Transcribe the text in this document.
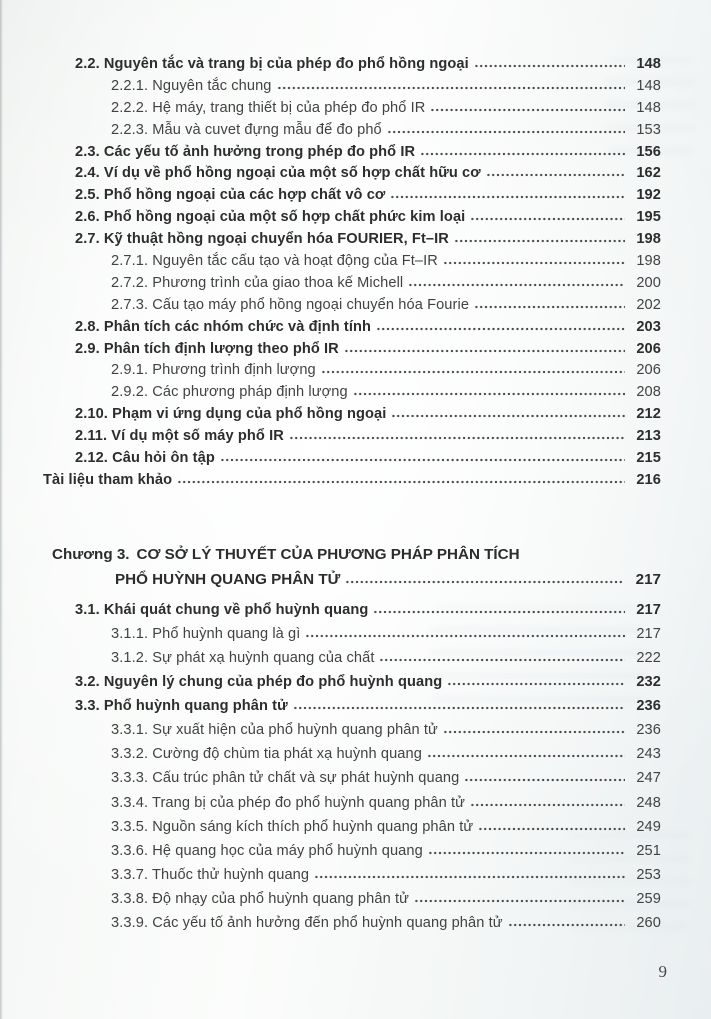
2.2. Nguyên tắc và trang bị của phép đo phổ hồng ngoại	148
2.2.1. Nguyên tắc chung	148
2.2.2. Hệ máy, trang thiết bị của phép đo phổ IR	148
2.2.3. Mẫu và cuvet đựng mẫu để đo phổ	153
2.3. Các yếu tố ảnh hưởng trong phép đo phổ IR	156
2.4. Ví dụ về phổ hồng ngoại của một số hợp chất hữu cơ	162
2.5. Phổ hồng ngoại của các hợp chất vô cơ	192
2.6. Phổ hồng ngoại của một số hợp chất phức kim loại	195
2.7. Kỹ thuật hồng ngoại chuyển hóa FOURIER, Ft–IR	198
2.7.1. Nguyên tắc cấu tạo và hoạt động của Ft–IR	198
2.7.2. Phương trình của giao thoa kế Michell	200
2.7.3. Cấu tạo máy phổ hồng ngoại chuyển hóa Fourie	202
2.8. Phân tích các nhóm chức và định tính	203
2.9. Phân tích định lượng theo phổ IR	206
2.9.1. Phương trình định lượng	206
2.9.2. Các phương pháp định lượng	208
2.10. Phạm vi ứng dụng của phổ hồng ngoại	212
2.11. Ví dụ một số máy phổ IR	213
2.12. Câu hỏi ôn tập	215
Tài liệu tham khảo	216
Chương 3. CƠ SỞ LÝ THUYẾT CỦA PHƯƠNG PHÁP PHÂN TÍCH
PHỔ HUỲNH QUANG PHÂN TỬ	217
3.1. Khái quát chung về phổ huỳnh quang	217
3.1.1. Phổ huỳnh quang là gì	217
3.1.2. Sự phát xạ huỳnh quang của chất	222
3.2. Nguyên lý chung của phép đo phổ huỳnh quang	232
3.3. Phổ huỳnh quang phân tử	236
3.3.1. Sự xuất hiện của phổ huỳnh quang phân tử	236
3.3.2. Cường độ chùm tia phát xạ huỳnh quang	243
3.3.3. Cấu trúc phân tử chất và sự phát huỳnh quang	247
3.3.4. Trang bị của phép đo phổ huỳnh quang phân tử	248
3.3.5. Nguồn sáng kích thích phổ huỳnh quang phân tử	249
3.3.6. Hệ quang học của máy phổ huỳnh quang	251
3.3.7. Thuốc thử huỳnh quang	253
3.3.8. Độ nhạy của phổ huỳnh quang phân tử	259
3.3.9. Các yếu tố ảnh hưởng đến phổ huỳnh quang phân tử	260
9
